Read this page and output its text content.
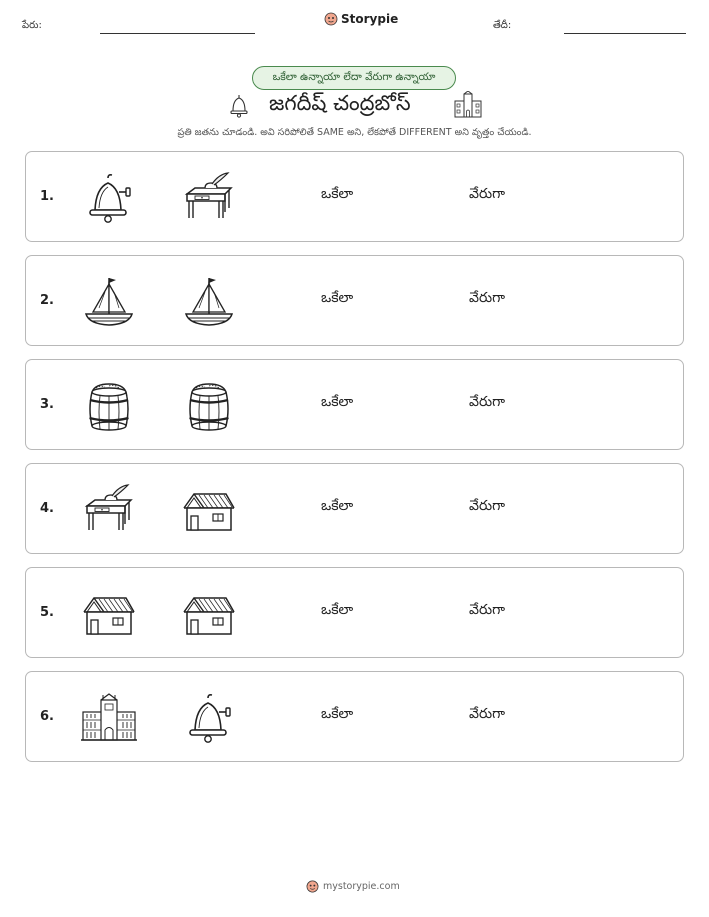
పేరు:	Storypie	తేదీ:
ఒకేలా ఉన్నాయా లేదా వేరుగా ఉన్నాయా
జగదీష్ చంద్రబోస్
ప్రతి జతను చూడండి. అవి సరిపోలితే SAME అని, లేకపోతే DIFFERENT అని వృత్తం చేయండి.
1.	ఒకేలా	వేరుగా
2.	ఒకేలా	వేరుగా
3.	ఒకేలా	వేరుగా
4.	ఒకేలా	వేరుగా
5.	ఒకేలా	వేరుగా
6.	ఒకేలా	వేరుగా
mystorypie.com
